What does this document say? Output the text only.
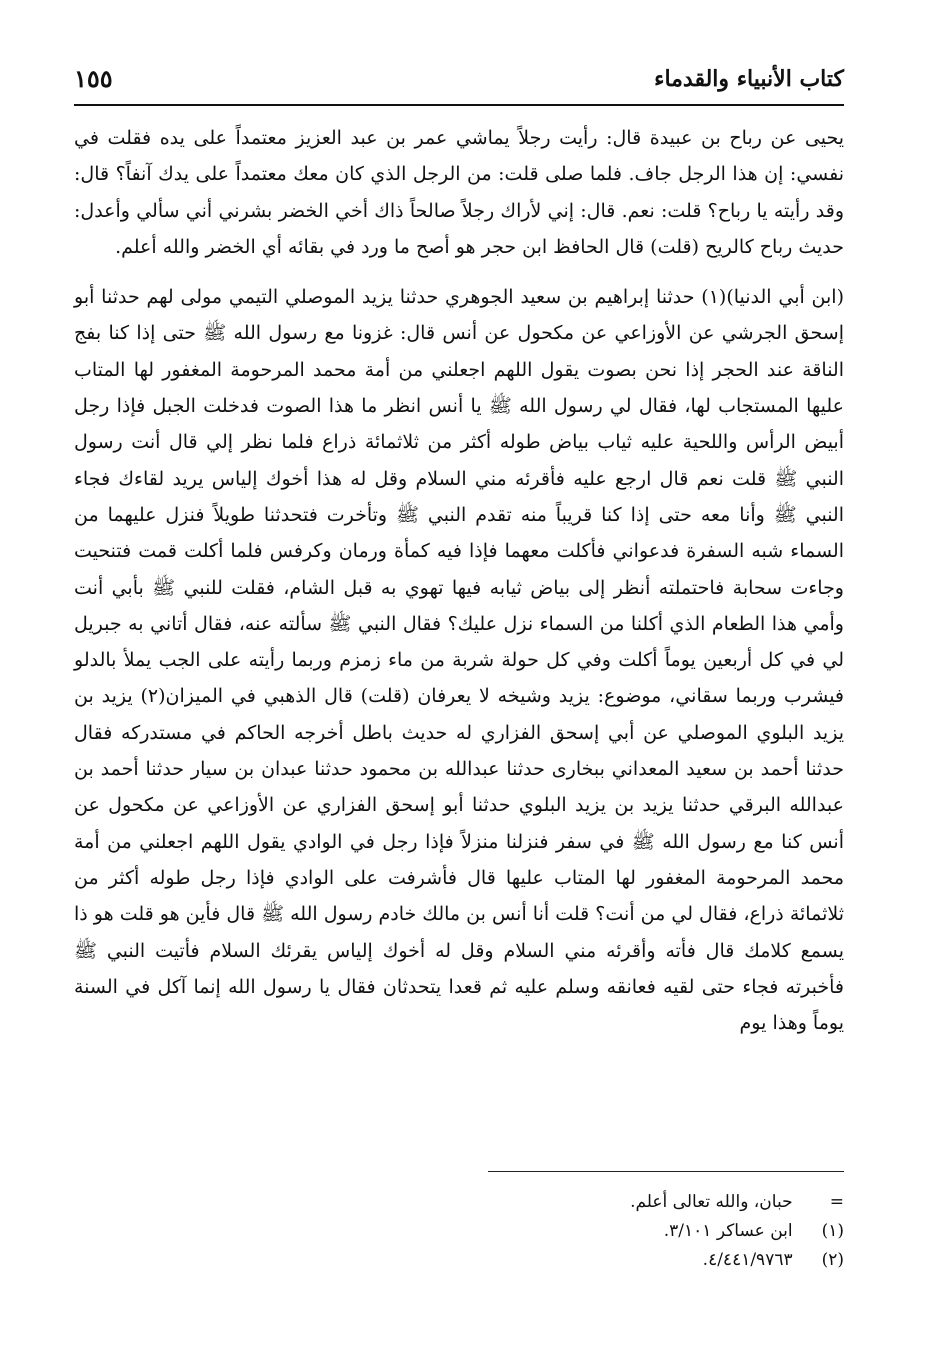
كتاب الأنبياء والقدماء
١٥٥

يحيى عن رباح بن عبيدة قال: رأيت رجلاً يماشي عمر بن عبد العزيز معتمداً على يده فقلت في نفسي: إن هذا الرجل جاف. فلما صلى قلت: من الرجل الذي كان معك معتمداً على يدك آنفاً؟ قال: وقد رأيته يا رباح؟ قلت: نعم. قال: إني لأراك رجلاً صالحاً ذاك أخي الخضر بشرني أني سألي وأعدل: حديث رباح كالريح (قلت) قال الحافظ ابن حجر هو أصح ما ورد في بقائه أي الخضر والله أعلم.

(ابن أبي الدنيا)(١) حدثنا إبراهيم بن سعيد الجوهري حدثنا يزيد الموصلي التيمي مولى لهم حدثنا أبو إسحق الجرشي عن الأوزاعي عن مكحول عن أنس قال: غزونا مع رسول الله ﷺ حتى إذا كنا بفج الناقة عند الحجر إذا نحن بصوت يقول اللهم اجعلني من أمة محمد المرحومة المغفور لها المتاب عليها المستجاب لها، فقال لي رسول الله ﷺ يا أنس انظر ما هذا الصوت فدخلت الجبل فإذا رجل أبيض الرأس واللحية عليه ثياب بياض طوله أكثر من ثلاثمائة ذراع فلما نظر إلي قال أنت رسول النبي ﷺ قلت نعم قال ارجع عليه فأقرئه مني السلام وقل له هذا أخوك إلياس يريد لقاءك فجاء النبي ﷺ وأنا معه حتى إذا كنا قريباً منه تقدم النبي ﷺ وتأخرت فتحدثنا طويلاً فنزل عليهما من السماء شبه السفرة فدعواني فأكلت معهما فإذا فيه كمأة ورمان وكرفس فلما أكلت قمت فتنحيت وجاءت سحابة فاحتملته أنظر إلى بياض ثيابه فيها تهوي به قبل الشام، فقلت للنبي ﷺ بأبي أنت وأمي هذا الطعام الذي أكلنا من السماء نزل عليك؟ فقال النبي ﷺ سألته عنه، فقال أتاني به جبريل لي في كل أربعين يوماً أكلت وفي كل حولة شربة من ماء زمزم وربما رأيته على الجب يملأ بالدلو فيشرب وربما سقاني، موضوع: يزيد وشيخه لا يعرفان (قلت) قال الذهبي في الميزان(٢) يزيد بن يزيد البلوي الموصلي عن أبي إسحق الفزاري له حديث باطل أخرجه الحاكم في مستدركه فقال حدثنا أحمد بن سعيد المعداني ببخارى حدثنا عبدالله بن محمود حدثنا عبدان بن سيار حدثنا أحمد بن عبدالله البرقي حدثنا يزيد بن يزيد البلوي حدثنا أبو إسحق الفزاري عن الأوزاعي عن مكحول عن أنس كنا مع رسول الله ﷺ في سفر فنزلنا منزلاً فإذا رجل في الوادي يقول اللهم اجعلني من أمة محمد المرحومة المغفور لها المتاب عليها قال فأشرفت على الوادي فإذا رجل طوله أكثر من ثلاثمائة ذراع، فقال لي من أنت؟ قلت أنا أنس بن مالك خادم رسول الله ﷺ قال فأين هو قلت هو ذا يسمع كلامك قال فأته وأقرئه مني السلام وقل له أخوك إلياس يقرئك السلام فأتيت النبي ﷺ فأخبرته فجاء حتى لقيه فعانقه وسلم عليه ثم قعدا يتحدثان فقال يا رسول الله إنما آكل في السنة يوماً وهذا يوم

= حبان، والله تعالى أعلم.
(١) ابن عساكر ٣/١٠١.
(٢) ٤/٤٤١/٩٧٦٣.
